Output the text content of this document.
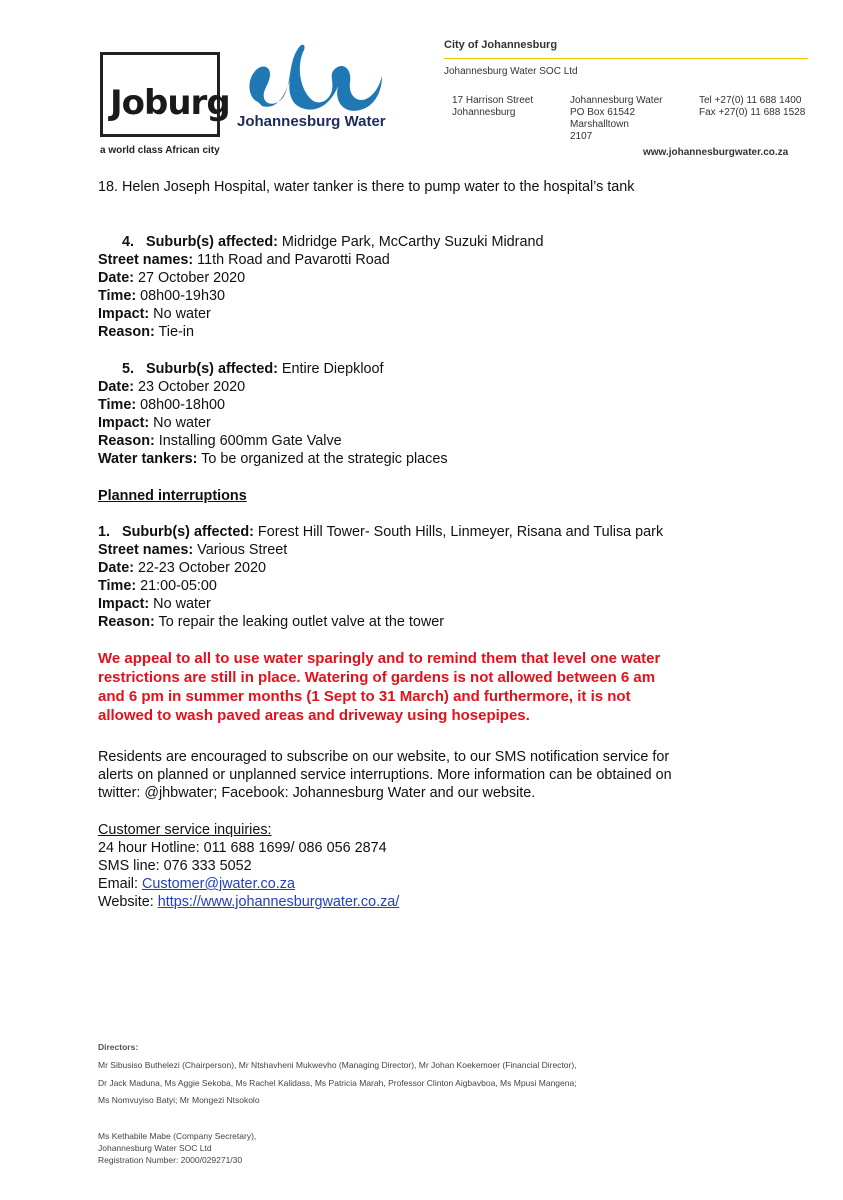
Joburg
a world class African city
Johannesburg Water
City of Johannesburg
Johannesburg Water SOC Ltd
17 Harrison Street
Johannesburg
Johannesburg Water
PO Box 61542
Marshalltown
2107
Tel +27(0) 11 688 1400
Fax +27(0) 11 688 1528
www.johannesburgwater.co.za
18. Helen Joseph Hospital, water tanker is there to pump water to the hospital’s tank
4. Suburb(s) affected: Midridge Park, McCarthy Suzuki Midrand
Street names: 11th Road and Pavarotti Road
Date: 27 October 2020
Time: 08h00-19h30
Impact: No water
Reason: Tie-in
5. Suburb(s) affected: Entire Diepkloof
Date: 23 October 2020
Time: 08h00-18h00
Impact: No water
Reason: Installing 600mm Gate Valve
Water tankers: To be organized at the strategic places
Planned interruptions
1. Suburb(s) affected: Forest Hill Tower- South Hills, Linmeyer, Risana and Tulisa park
Street names: Various Street
Date: 22-23 October 2020
Time: 21:00-05:00
Impact: No water
Reason: To repair the leaking outlet valve at the tower
We appeal to all to use water sparingly and to remind them that level one water
restrictions are still in place. Watering of gardens is not allowed between 6 am
and 6 pm in summer months (1 Sept to 31 March) and furthermore, it is not
allowed to wash paved areas and driveway using hosepipes.
Residents are encouraged to subscribe on our website, to our SMS notification service for
alerts on planned or unplanned service interruptions. More information can be obtained on
twitter: @jhbwater; Facebook: Johannesburg Water and our website.
Customer service inquiries:
24 hour Hotline: 011 688 1699/ 086 056 2874
SMS line: 076 333 5052
Email: Customer@jwater.co.za
Website: https://www.johannesburgwater.co.za/
Directors:
Mr Sibusiso Buthelezi (Chairperson), Mr Ntshavheni Mukwevho (Managing Director), Mr Johan Koekemoer (Financial Director),
Dr Jack Maduna, Ms Aggie Sekoba, Ms Rachel Kalidass, Ms Patricia Marah, Professor Clinton Aigbavboa, Ms Mpusi Mangena;
Ms Nomvuyiso Batyi; Mr Mongezi Ntsokolo
Ms Kethabile Mabe (Company Secretary),
Johannesburg Water SOC Ltd
Registration Number: 2000/029271/30
